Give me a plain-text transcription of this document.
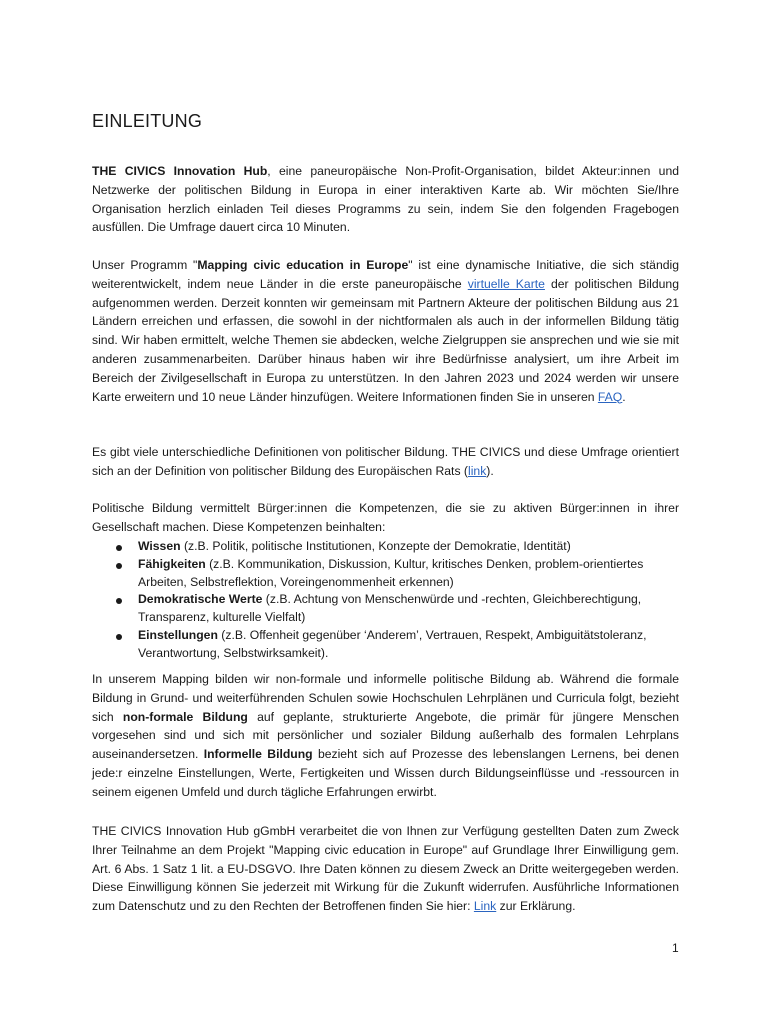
EINLEITUNG
THE CIVICS Innovation Hub, eine paneuropäische Non-Profit-Organisation, bildet Akteur:innen und Netzwerke der politischen Bildung in Europa in einer interaktiven Karte ab. Wir möchten Sie/Ihre Organisation herzlich einladen Teil dieses Programms zu sein, indem Sie den folgenden Fragebogen ausfüllen. Die Umfrage dauert circa 10 Minuten.
Unser Programm "Mapping civic education in Europe" ist eine dynamische Initiative, die sich ständig weiterentwickelt, indem neue Länder in die erste paneuropäische virtuelle Karte der politischen Bildung aufgenommen werden. Derzeit konnten wir gemeinsam mit Partnern Akteure der politischen Bildung aus 21 Ländern erreichen und erfassen, die sowohl in der nichtformalen als auch in der informellen Bildung tätig sind. Wir haben ermittelt, welche Themen sie abdecken, welche Zielgruppen sie ansprechen und wie sie mit anderen zusammenarbeiten. Darüber hinaus haben wir ihre Bedürfnisse analysiert, um ihre Arbeit im Bereich der Zivilgesellschaft in Europa zu unterstützen. In den Jahren 2023 und 2024 werden wir unsere Karte erweitern und 10 neue Länder hinzufügen. Weitere Informationen finden Sie in unseren FAQ.
Es gibt viele unterschiedliche Definitionen von politischer Bildung. THE CIVICS und diese Umfrage orientiert sich an der Definition von politischer Bildung des Europäischen Rats (link).
Politische Bildung vermittelt Bürger:innen die Kompetenzen, die sie zu aktiven Bürger:innen in ihrer Gesellschaft machen. Diese Kompetenzen beinhalten:
Wissen (z.B. Politik, politische Institutionen, Konzepte der Demokratie, Identität)
Fähigkeiten (z.B. Kommunikation, Diskussion, Kultur, kritisches Denken, problem-orientiertes Arbeiten, Selbstreflektion, Voreingenommenheit erkennen)
Demokratische Werte (z.B. Achtung von Menschenwürde und -rechten, Gleichberechtigung, Transparenz, kulturelle Vielfalt)
Einstellungen (z.B. Offenheit gegenüber ‘Anderem’, Vertrauen, Respekt, Ambiguitätstoleranz, Verantwortung, Selbstwirksamkeit).
In unserem Mapping bilden wir non-formale und informelle politische Bildung ab. Während die formale Bildung in Grund- und weiterführenden Schulen sowie Hochschulen Lehrplänen und Curricula folgt, bezieht sich non-formale Bildung auf geplante, strukturierte Angebote, die primär für jüngere Menschen vorgesehen sind und sich mit persönlicher und sozialer Bildung außerhalb des formalen Lehrplans auseinandersetzen. Informelle Bildung bezieht sich auf Prozesse des lebenslangen Lernens, bei denen jede:r einzelne Einstellungen, Werte, Fertigkeiten und Wissen durch Bildungseinflüsse und -ressourcen in seinem eigenen Umfeld und durch tägliche Erfahrungen erwirbt.
THE CIVICS Innovation Hub gGmbH verarbeitet die von Ihnen zur Verfügung gestellten Daten zum Zweck Ihrer Teilnahme an dem Projekt "Mapping civic education in Europe" auf Grundlage Ihrer Einwilligung gem. Art. 6 Abs. 1 Satz 1 lit. a EU-DSGVO. Ihre Daten können zu diesem Zweck an Dritte weitergegeben werden. Diese Einwilligung können Sie jederzeit mit Wirkung für die Zukunft widerrufen. Ausführliche Informationen zum Datenschutz und zu den Rechten der Betroffenen finden Sie hier: Link zur Erklärung.
1
